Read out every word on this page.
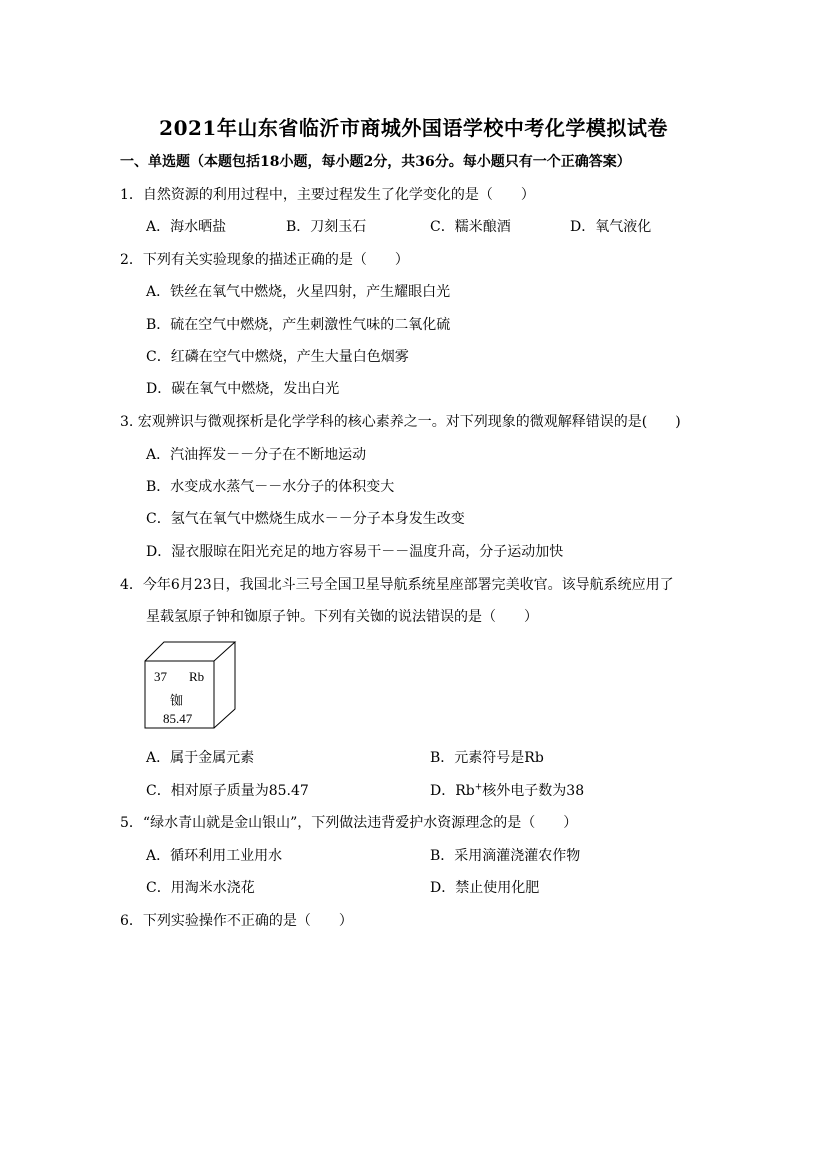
2021年山东省临沂市商城外国语学校中考化学模拟试卷
一、单选题（本题包括18小题，每小题2分，共36分。每小题只有一个正确答案）
1．自然资源的利用过程中，主要过程发生了化学变化的是（　　）
A．海水晒盐	B．刀刻玉石	C．糯米酿酒	D．氧气液化
2．下列有关实验现象的描述正确的是（　　）
A．铁丝在氧气中燃烧，火星四射，产生耀眼白光
B．硫在空气中燃烧，产生刺激性气味的二氧化硫
C．红磷在空气中燃烧，产生大量白色烟雾
D．碳在氧气中燃烧，发出白光
3. 宏观辨识与微观探析是化学学科的核心素养之一。对下列现象的微观解释错误的是(　　)
A．汽油挥发－－分子在不断地运动
B．水变成水蒸气－－水分子的体积变大
C．氢气在氧气中燃烧生成水－－分子本身发生改变
D．湿衣服晾在阳光充足的地方容易干－－温度升高，分子运动加快
4．今年6月23日，我国北斗三号全国卫星导航系统星座部署完美收官。该导航系统应用了
星载氢原子钟和铷原子钟。下列有关铷的说法错误的是（　　）
37 Rb
铷
85.47
A．属于金属元素	B．元素符号是Rb
C．相对原子质量为85.47	D．Rb+核外电子数为38
5．“绿水青山就是金山银山”，下列做法违背爱护水资源理念的是（　　）
A．循环利用工业用水	B．采用滴灌浇灌农作物
C．用淘米水浇花	D．禁止使用化肥
6．下列实验操作不正确的是（　　）
